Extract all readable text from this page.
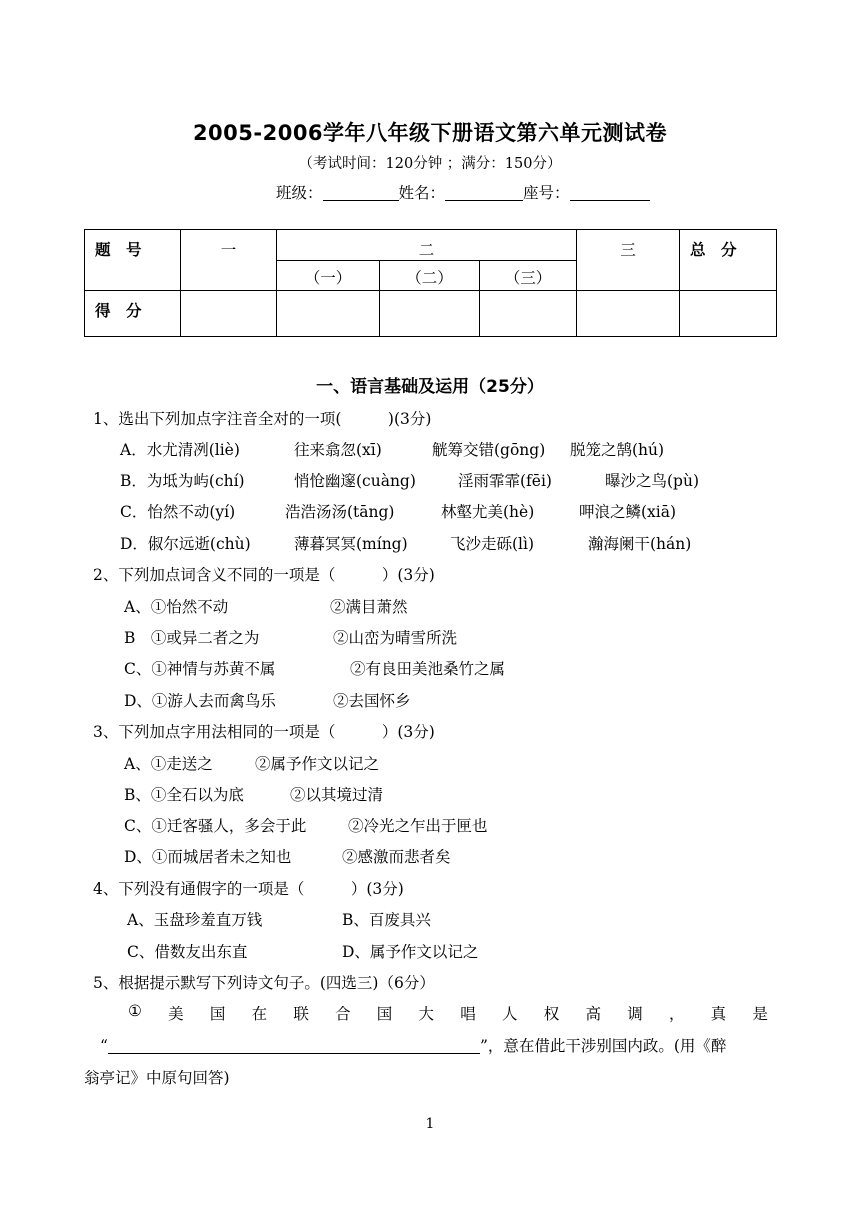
2005-2006学年八年级下册语文第六单元测试卷
（考试时间：120分钟 ；满分：150分）
班级：	姓名：	座号：
题　号	一	二			三	总　分
		（一）	（二）	（三）		
得　分						
一、语言基础及运用（25分）
1、选出下列加点字注音全对的一项(　　　)(3分)
A．水尤清冽(liè)	往来翕忽(xī)	觥筹交错(gōng) 脱笼之鹄(hú)
B．为坻为屿(chí)	悄怆幽邃(cuàng)	淫雨霏霏(fēi)	曝沙之鸟(pù)
C．怡然不动(yí)	浩浩汤汤(tāng)	林壑尤美(hè)	呷浪之鳞(xiā)
D．俶尔远逝(chù)	薄暮冥冥(míng)	飞沙走砾(lì)	瀚海阑干(hán)
2、下列加点词含义不同的一项是（　　　）(3分)
A、①怡然不动	②满目萧然
B　①或异二者之为	②山峦为晴雪所洗
C、①神情与苏黄不属	②有良田美池桑竹之属
D、①游人去而禽鸟乐	②去国怀乡
3、下列加点字用法相同的一项是（　　　）(3分)
A、①走送之	②属予作文以记之
B、①全石以为底	②以其境过清
C、①迁客骚人，多会于此	②冷光之乍出于匣也
D、①而城居者未之知也	②感激而悲者矣
4、下列没有通假字的一项是（　　　）(3分)
A、玉盘珍羞直万钱	B、百废具兴
C、借数友出东直	D、属予作文以记之
5、根据提示默写下列诗文句子。(四选三)（6分）
① 美 国 在 联 合 国 大 唱 人 权 高 调 ， 真 是
“	”，意在借此干涉别国内政。(用《醉
翁亭记》中原句回答)
1
